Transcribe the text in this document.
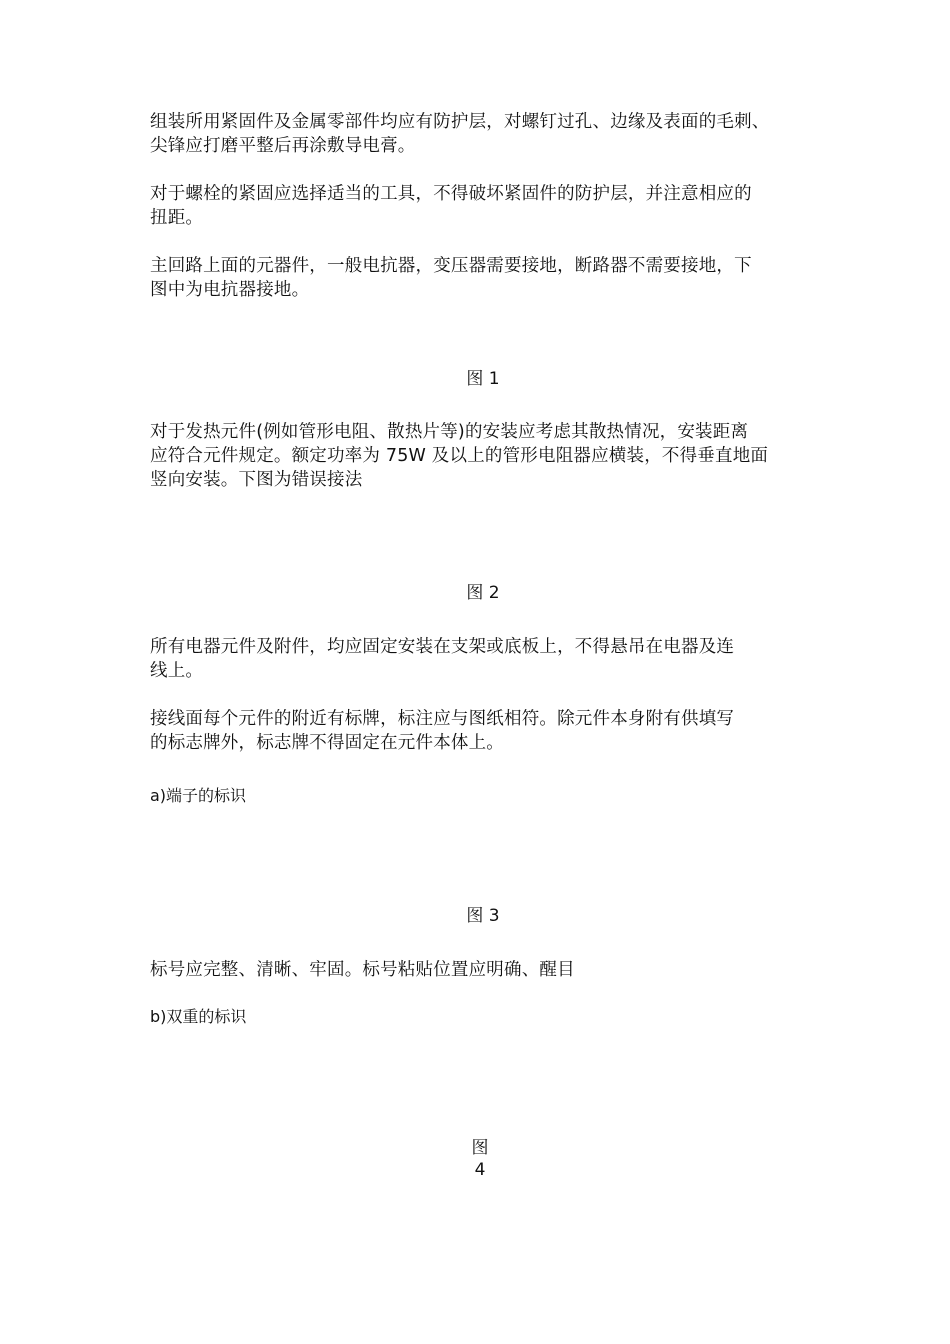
组装所用紧固件及金属零部件均应有防护层，对螺钉过孔、边缘及表面的毛刺、
尖锋应打磨平整后再涂敷导电膏。
对于螺栓的紧固应选择适当的工具，不得破坏紧固件的防护层，并注意相应的
扭距。
主回路上面的元器件，一般电抗器，变压器需要接地，断路器不需要接地，下
图中为电抗器接地。
图 1
对于发热元件(例如管形电阻、散热片等)的安装应考虑其散热情况，安装距离
应符合元件规定。额定功率为 75W 及以上的管形电阻器应横装，不得垂直地面
竖向安装。下图为错误接法
图 2
所有电器元件及附件，均应固定安装在支架或底板上，不得悬吊在电器及连
线上。
接线面每个元件的附近有标牌，标注应与图纸相符。除元件本身附有供填写
的标志牌外，标志牌不得固定在元件本体上。
a)端子的标识
图 3
标号应完整、清晰、牢固。标号粘贴位置应明确、醒目
b)双重的标识
图
4
